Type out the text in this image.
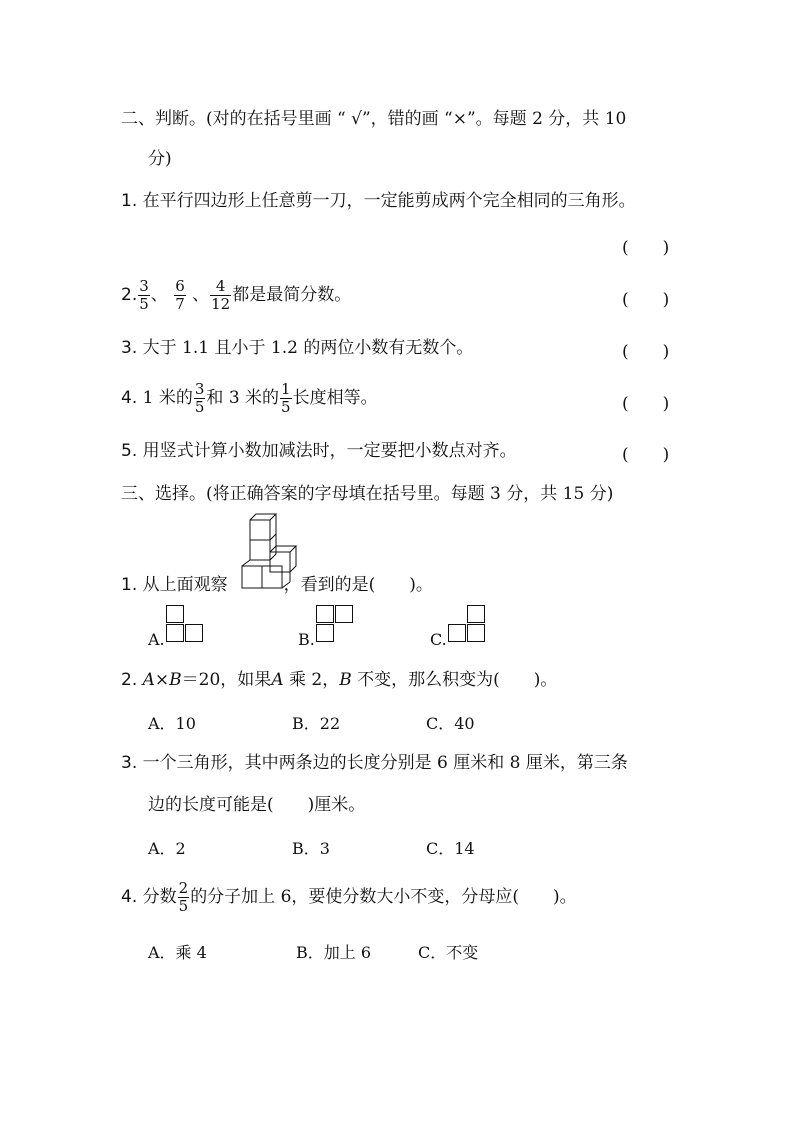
二、判断。(对的在括号里画 “ √”，错的画 “×”。每题 2 分，共 10
分)
1. 在平行四边形上任意剪一刀，一定能剪成两个完全相同的三角形。
(　　)
2. $\frac{3}{5}$ 、 $\frac{6}{7}$ 、 $\frac{4}{12}$ 都是最简分数。	(　　)
3. 大于 1.1 且小于 1.2 的两位小数有无数个。	(　　)
4. 1 米的 $\frac{3}{5}$ 和 3 米的 $\frac{1}{5}$ 长度相等。	(　　)
5. 用竖式计算小数加减法时，一定要把小数点对齐。	(　　)
三、选择。(将正确答案的字母填在括号里。每题 3 分，共 15 分)
1. 从上面观察	，看到的是(　　)。
A.	B.	C.
2. A×B＝20，如果A 乘 2，B 不变，那么积变为(　　)。
A．10	B．22	C．40
3. 一个三角形，其中两条边的长度分别是 6 厘米和 8 厘米，第三条
边的长度可能是(　　)厘米。
A．2	B．3	C．14
4. 分数 $\frac{2}{5}$ 的分子加上 6，要使分数大小不变，分母应(　　)。
A．乘 4	B．加上 6	C．不变
